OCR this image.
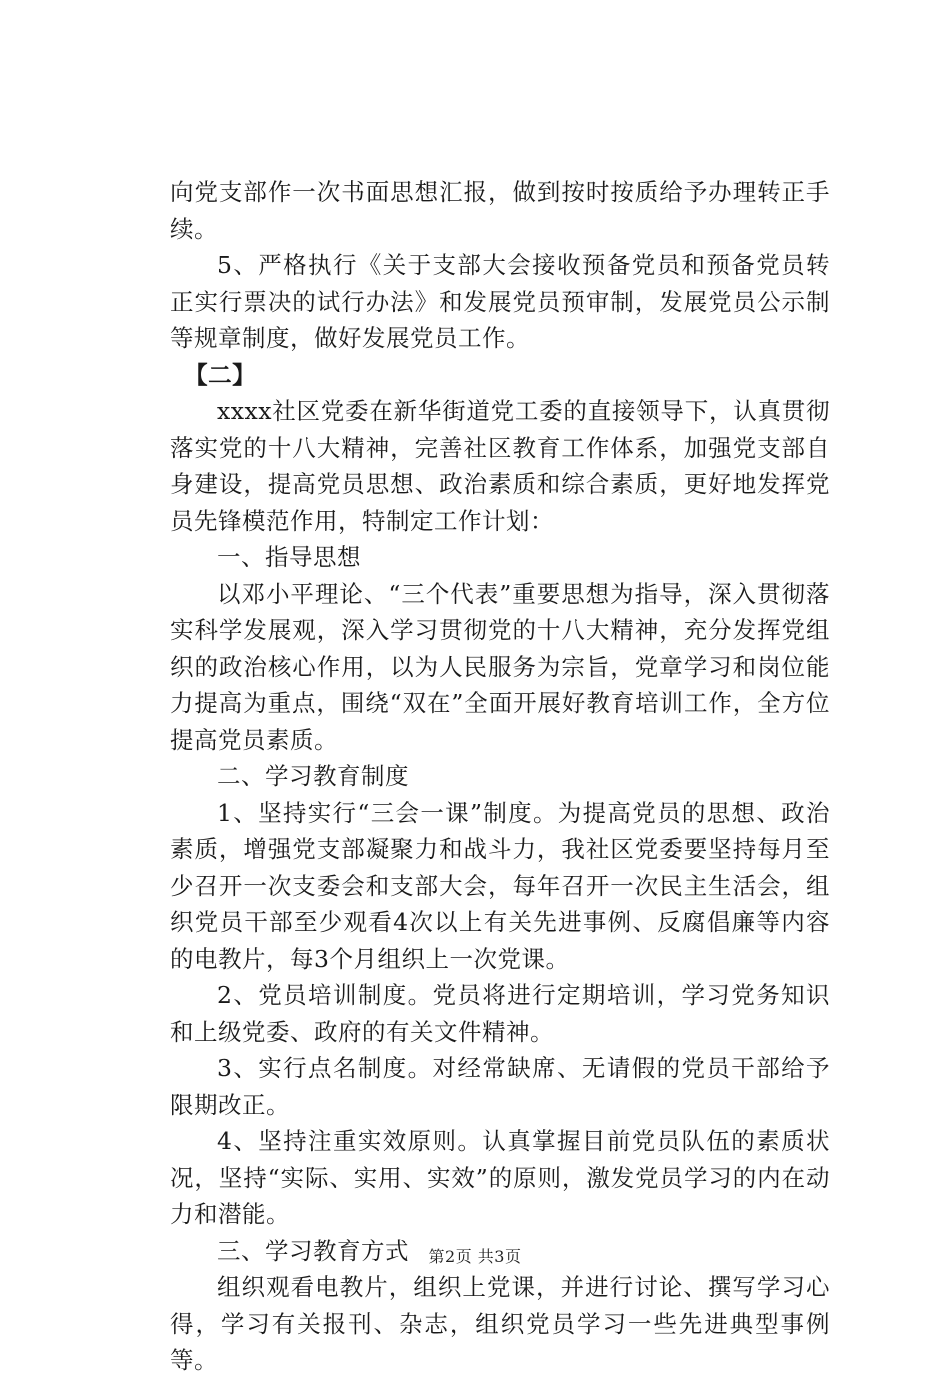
向党支部作一次书面思想汇报，做到按时按质给予办理转正手续。

5、严格执行《关于支部大会接收预备党员和预备党员转正实行票决的试行办法》和发展党员预审制，发展党员公示制等规章制度，做好发展党员工作。

【二】

xxxx社区党委在新华街道党工委的直接领导下，认真贯彻落实党的十八大精神，完善社区教育工作体系，加强党支部自身建设，提高党员思想、政治素质和综合素质，更好地发挥党员先锋模范作用，特制定工作计划：

一、指导思想

以邓小平理论、“三个代表”重要思想为指导，深入贯彻落实科学发展观，深入学习贯彻党的十八大精神，充分发挥党组织的政治核心作用，以为人民服务为宗旨，党章学习和岗位能力提高为重点，围绕“双在”全面开展好教育培训工作，全方位提高党员素质。

二、学习教育制度

1、坚持实行“三会一课”制度。为提高党员的思想、政治素质，增强党支部凝聚力和战斗力，我社区党委要坚持每月至少召开一次支委会和支部大会，每年召开一次民主生活会，组织党员干部至少观看4次以上有关先进事例、反腐倡廉等内容的电教片，每3个月组织上一次党课。

2、党员培训制度。党员将进行定期培训，学习党务知识和上级党委、政府的有关文件精神。

3、实行点名制度。对经常缺席、无请假的党员干部给予限期改正。

4、坚持注重实效原则。认真掌握目前党员队伍的素质状况，坚持“实际、实用、实效”的原则，激发党员学习的内在动力和潜能。

三、学习教育方式

组织观看电教片，组织上党课，并进行讨论、撰写学习心得，学习有关报刊、杂志，组织党员学习一些先进典型事例等。

第2页 共3页
